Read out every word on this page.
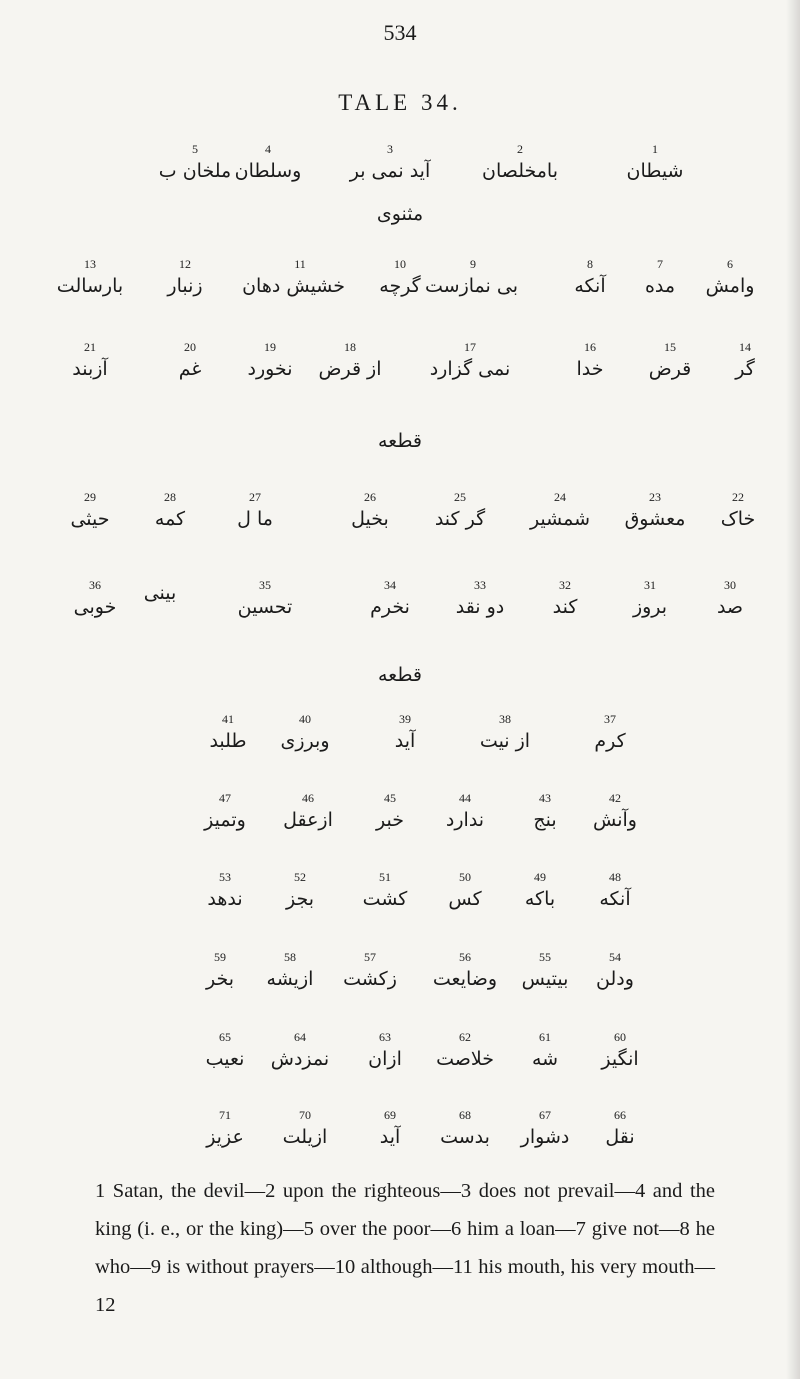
534
TALE 34.
مثنوی
قطعه
قطعه
5
ملخان ب
4
وسلطان
3
آید نمی بر
2
بامخلصان
1
شیطان
13
بارسالت
12
زنبار
11
خشیش دهان
10
گرچه
9
بی نمازست
8
آنکه
7
مده
6
وامش
21
آزبند
20
غم
19
نخورد
18
از قرض
17
نمی گزارد
16
خدا
15
قرض
14
گر
29
حیثی
28
کمه
27
ما ل
26
بخیل
25
گر کند
24
شمشیر
23
معشوق
22
خاک
36
خوبی
بینی	35
تحسین
34
نخرم
33
دو نقد
32
کند
31
بروز
30
صد
41
طلبد
40
وبرزی
39
آید
38
از نیت
37
کرم
47
وتمیز
46
ازعقل
45
خبر
44
ندارد
43
بنج
42
وآنش
53
ندهد
52
بجز
51
کشت
50
کس
49
باکه
48
آنکه
59
بخر
58
ازیشه
57
زکشت
56
وضایعت
55
بیتیس
54
ودلن
65
نعیب
64
نمزدش
63
ازان
62
خلاصت
61
شه
60
انگیز
71
عزیز
70
ازیلت
69
آید
68
بدست
67
دشوار
66
نقل
1 Satan, the devil—2 upon the righteous—3 does not prevail—4 and the king (i. e., or the king)—5 over the poor—6 him a loan—7 give not—8 he who—9 is without prayers—10 although—11 his mouth, his very mouth—12
